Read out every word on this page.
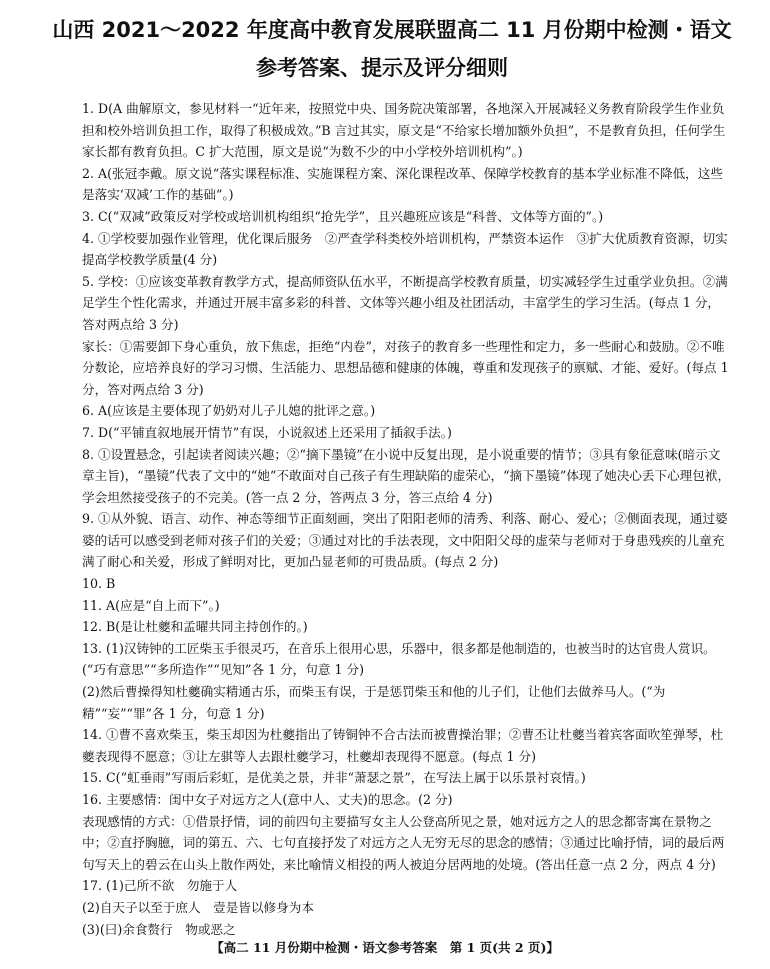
山西 2021～2022 年度高中教育发展联盟高二 11 月份期中检测・语文
参考答案、提示及评分细则

1. D(A 曲解原文，参见材料一“近年来，按照党中央、国务院决策部署，各地深入开展减轻义务教育阶段学生作业负担和校外培训负担工作，取得了积极成效。”B 言过其实，原文是“不给家长增加额外负担”，不是教育负担，任何学生家长都有教育负担。C 扩大范围，原文是说“为数不少的中小学校外培训机构”。)

2. A(张冠李戴。原文说“落实课程标准、实施课程方案、深化课程改革、保障学校教育的基本学业标准不降低，这些是落实‘双减’工作的基础”。)

3. C(“双减”政策反对学校或培训机构组织“抢先学”，且兴趣班应该是“科普、文体等方面的”。)

4. ①学校要加强作业管理，优化课后服务　②严查学科类校外培训机构，严禁资本运作　③扩大优质教育资源，切实提高学校教学质量(4 分)

5. 学校：①应该变革教育教学方式，提高师资队伍水平，不断提高学校教育质量，切实减轻学生过重学业负担。②满足学生个性化需求，并通过开展丰富多彩的科普、文体等兴趣小组及社团活动，丰富学生的学习生活。(每点 1 分，答对两点给 3 分)

家长：①需要卸下身心重负，放下焦虑，拒绝“内卷”，对孩子的教育多一些理性和定力，多一些耐心和鼓励。②不唯分数论，应培养良好的学习习惯、生活能力、思想品德和健康的体魄，尊重和发现孩子的禀赋、才能、爱好。(每点 1 分，答对两点给 3 分)

6. A(应该是主要体现了奶奶对儿子儿媳的批评之意。)

7. D(“平铺直叙地展开情节”有误，小说叙述上还采用了插叙手法。)

8. ①设置悬念，引起读者阅读兴趣；②“摘下墨镜”在小说中反复出现，是小说重要的情节；③具有象征意味(暗示文章主旨)，“墨镜”代表了文中的“她”不敢面对自己孩子有生理缺陷的虚荣心，“摘下墨镜”体现了她决心丢下心理包袱，学会坦然接受孩子的不完美。(答一点 2 分，答两点 3 分，答三点给 4 分)

9. ①从外貌、语言、动作、神态等细节正面刻画，突出了阳阳老师的清秀、利落、耐心、爱心；②侧面表现，通过婆婆的话可以感受到老师对孩子们的关爱；③通过对比的手法表现，文中阳阳父母的虚荣与老师对于身患残疾的儿童充满了耐心和关爱，形成了鲜明对比，更加凸显老师的可贵品质。(每点 2 分)

10. B

11. A(应是“自上而下”。)

12. B(是让杜夔和孟曜共同主持创作的。)

13. (1)汉铸钟的工匠柴玉手很灵巧，在音乐上很用心思，乐器中，很多都是他制造的，也被当时的达官贵人赏识。(“巧有意思”“多所造作”“见知”各 1 分，句意 1 分)

(2)然后曹操得知杜夔确实精通古乐，而柴玉有误，于是惩罚柴玉和他的儿子们，让他们去做养马人。(“为精”“妄”“罪”各 1 分，句意 1 分)

14. ①曹不喜欢柴玉，柴玉却因为杜夔指出了铸铜钟不合古法而被曹操治罪；②曹丕让杜夔当着宾客面吹笙弹琴，杜夔表现得不愿意；③让左骐等人去跟杜夔学习，杜夔却表现得不愿意。(每点 1 分)

15. C(“虹垂雨”写雨后彩虹，是优美之景，并非“萧瑟之景”，在写法上属于以乐景衬哀情。)

16. 主要感情：闺中女子对远方之人(意中人、丈夫)的思念。(2 分)

表现感情的方式：①借景抒情，词的前四句主要描写女主人公登高所见之景，她对远方之人的思念都寄寓在景物之中；②直抒胸臆，词的第五、六、七句直接抒发了对远方之人无穷无尽的思念的感情；③通过比喻抒情，词的最后两句写天上的碧云在山头上散作两处，来比喻情义相投的两人被迫分居两地的处境。(答出任意一点 2 分，两点 4 分)

17. (1)己所不欲　勿施于人

(2)自天子以至于庶人　壹是皆以修身为本

(3)(曰)余食赘行　物或恶之

【高二 11 月份期中检测・语文参考答案　第 1 页(共 2 页)】
